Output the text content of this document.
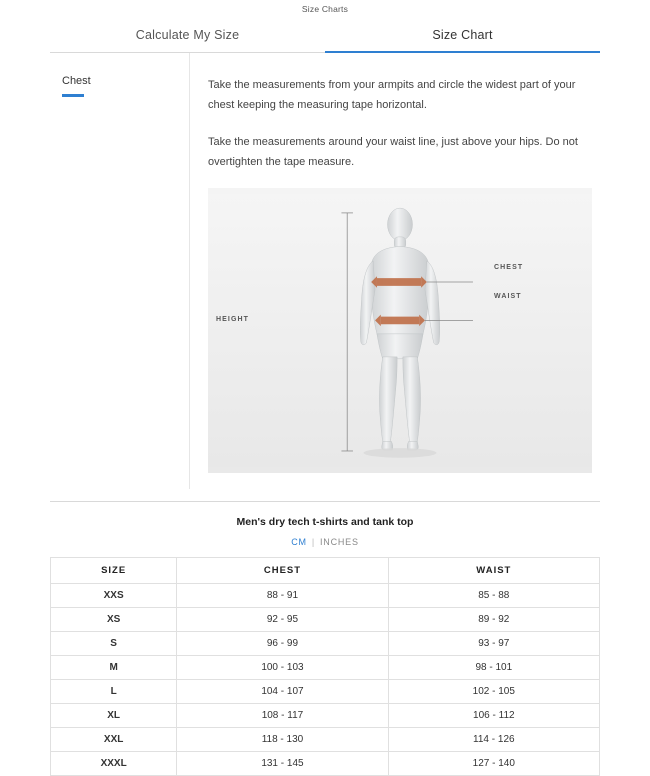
Size Charts
Calculate My Size	Size Chart
Chest	Take the measurements from your armpits and circle the widest part of your chest keeping the measuring tape horizontal.

Take the measurements around your waist line, just above your hips. Do not overtighten the tape measure.

CHEST
WAIST
HEIGHT
Men's dry tech t-shirts and tank top
CM | INCHES
SIZE	CHEST	WAIST
XXS	88 - 91	85 - 88
XS	92 - 95	89 - 92
S	96 - 99	93 - 97
M	100 - 103	98 - 101
L	104 - 107	102 - 105
XL	108 - 117	106 - 112
XXL	118 - 130	114 - 126
XXXL	131 - 145	127 - 140
